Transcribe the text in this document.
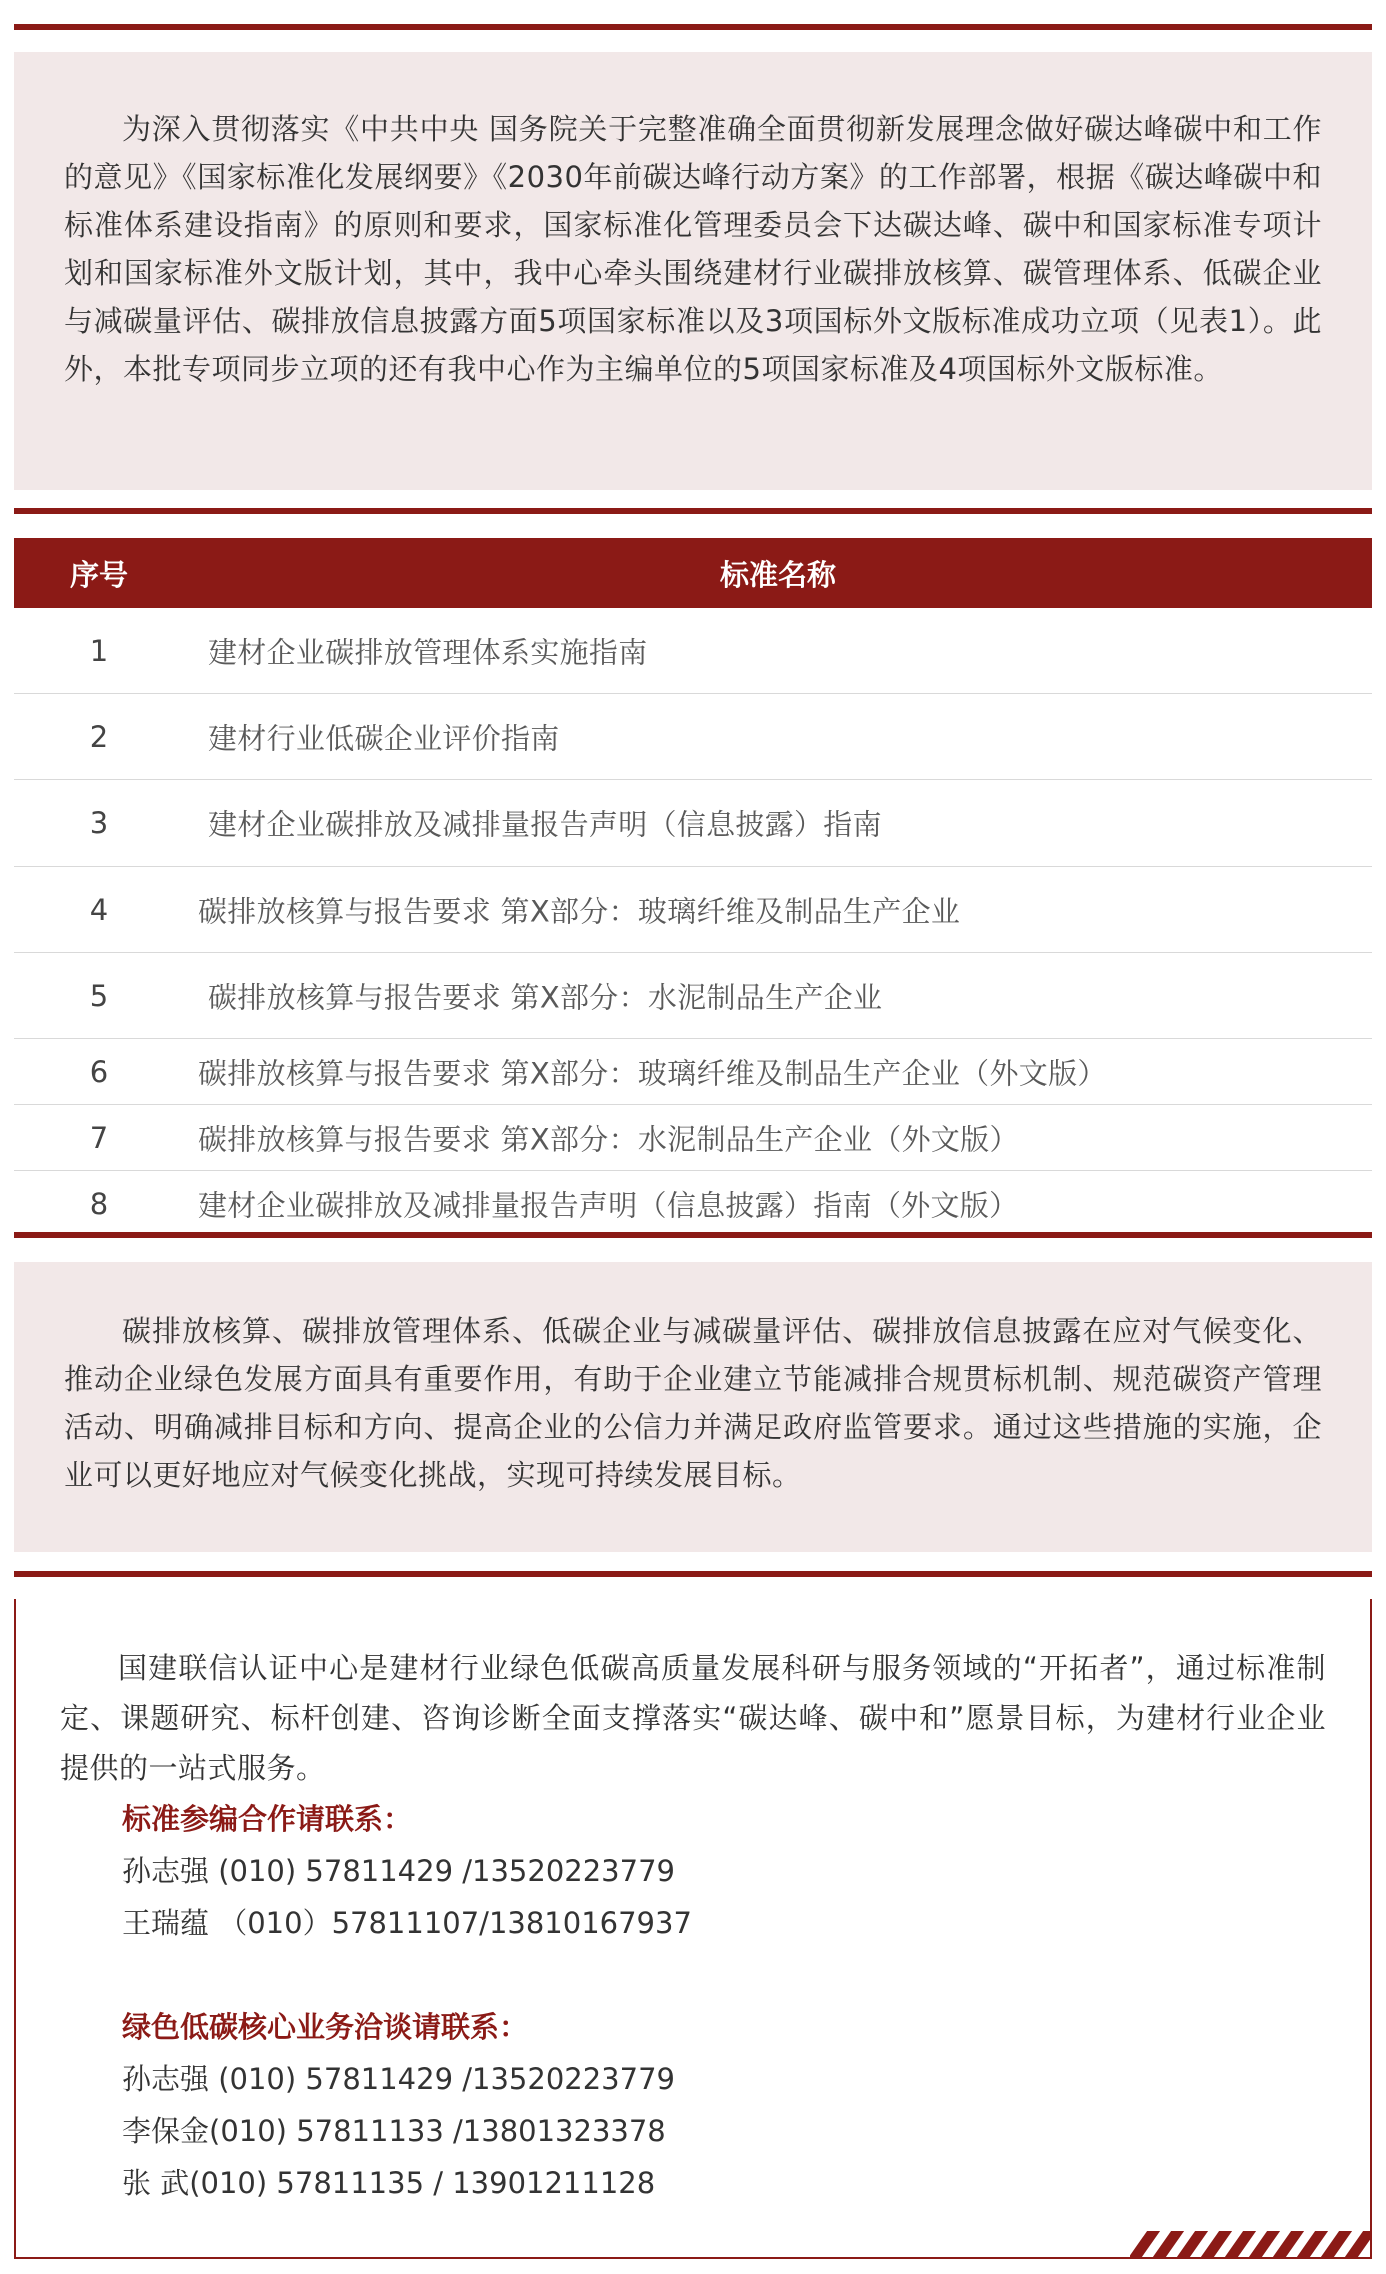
为深入贯彻落实《中共中央 国务院关于完整准确全面贯彻新发展理念做好碳达峰碳中和工作的意见》《国家标准化发展纲要》《2030年前碳达峰行动方案》的工作部署，根据《碳达峰碳中和标准体系建设指南》的原则和要求，国家标准化管理委员会下达碳达峰、碳中和国家标准专项计划和国家标准外文版计划，其中，我中心牵头围绕建材行业碳排放核算、碳管理体系、低碳企业与减碳量评估、碳排放信息披露方面5项国家标准以及3项国标外文版标准成功立项（见表1）。此外，本批专项同步立项的还有我中心作为主编单位的5项国家标准及4项国标外文版标准。

序号	标准名称
1	建材企业碳排放管理体系实施指南
2	建材行业低碳企业评价指南
3	建材企业碳排放及减排量报告声明（信息披露）指南
4	碳排放核算与报告要求 第X部分：玻璃纤维及制品生产企业
5	碳排放核算与报告要求 第X部分：水泥制品生产企业
6	碳排放核算与报告要求 第X部分：玻璃纤维及制品生产企业（外文版）
7	碳排放核算与报告要求 第X部分：水泥制品生产企业（外文版）
8	建材企业碳排放及减排量报告声明（信息披露）指南（外文版）

碳排放核算、碳排放管理体系、低碳企业与减碳量评估、碳排放信息披露在应对气候变化、推动企业绿色发展方面具有重要作用，有助于企业建立节能减排合规贯标机制、规范碳资产管理活动、明确减排目标和方向、提高企业的公信力并满足政府监管要求。通过这些措施的实施，企业可以更好地应对气候变化挑战，实现可持续发展目标。

国建联信认证中心是建材行业绿色低碳高质量发展科研与服务领域的“开拓者”，通过标准制定、课题研究、标杆创建、咨询诊断全面支撑落实“碳达峰、碳中和”愿景目标，为建材行业企业提供的一站式服务。

标准参编合作请联系：
孙志强 (010) 57811429 /13520223779
王瑞蕴 （010）57811107/13810167937
绿色低碳核心业务洽谈请联系：
孙志强 (010) 57811429 /13520223779
李保金(010) 57811133 /13801323378
张 武(010) 57811135 / 13901211128
